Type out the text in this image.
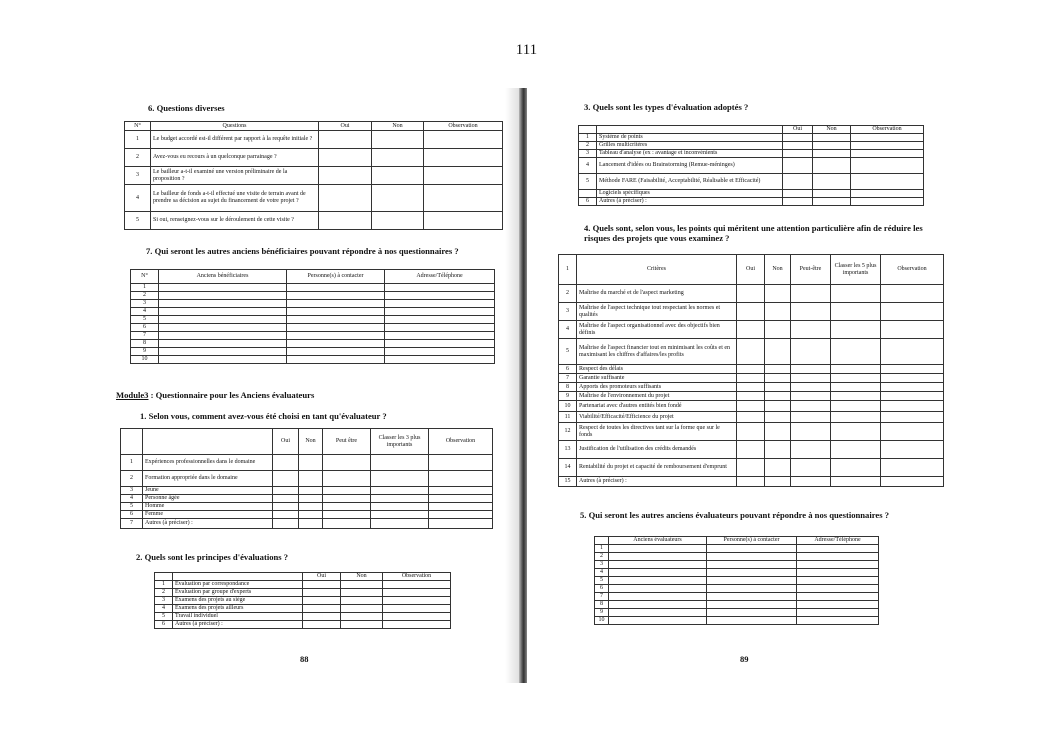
111
6. Questions diverses
N°	Questions	Oui	Non	Observation
1	Le budget accordé est-il différent par rapport à la requête initiale ?			
2	Avez-vous eu recours à un quelconque parrainage ?			
3	Le bailleur a-t-il examiné une version préliminaire de la proposition ?			
4	Le bailleur de fonds a-t-il effectué une visite de terrain avant de prendre sa décision au sujet du financement de votre projet ?			
5	Si oui, renseignez-vous sur le déroulement de cette visite ?			
7. Qui seront les autres anciens bénéficiaires pouvant répondre à nos questionnaires ?
N°	Anciens bénéficiaires	Personne(s) à contacter	Adresse/Téléphone
1			
2			
3			
4			
5			
6			
7			
8			
9			
10			
Module3 : Questionnaire pour les Anciens évaluateurs
1. Selon vous, comment avez-vous été choisi en tant qu'évaluateur ?
		Oui	Non	Peut être	Classer les 3 plus importants	Observation
1	Expériences professionnelles dans le domaine					
2	Formation appropriée dans le domaine					
3	Jeune					
4	Personne âgée					
5	Homme					
6	Femme					
7	Autres (à préciser) :					
2. Quels sont les principes d'évaluations ?
		Oui	Non	Observation
1	Evaluation par correspondance			
2	Evaluation par groupe d'experts			
3	Examens des projets au siège			
4	Examens des projets ailleurs			
5	Travail individuel			
6	Autres (à préciser) :			
88
3. Quels sont les types d'évaluation adoptés ?
		Oui	Non	Observation
1	Système de points			
2	Grilles multicritères			
3	Tableau d'analyse (ex : avantage et inconvénients			
4	Lancement d'idées ou Brainstorming (Remue-méninges)			
5	Méthode FARE (Faisabilité, Acceptabilité, Réalisable et Efficacité)			
	Logiciels spécifiques			
6	Autres (à préciser) :			
4. Quels sont, selon vous, les points qui méritent une attention particulière afin de réduire les risques des projets que vous examinez ?
1	Critères	Oui	Non	Peut-être	Classer les 5 plus importants	Observation
2	Maîtrise du marché et de l'aspect marketing					
3	Maîtrise de l'aspect technique tout respectant les normes et qualités					
4	Maîtrise de l'aspect organisationnel avec des objectifs bien définis					
5	Maîtrise de l'aspect financier tout en minimisant les coûts et en maximisant les chiffres d'affaires/les profits					
6	Respect des délais					
7	Garantie suffisante					
8	Apports des promoteurs suffisants					
9	Maîtrise de l'environnement du projet					
10	Partenariat avec d'autres entités bien fondé					
11	Viabilité/Efficacité/Efficience du projet					
12	Respect de toutes les directives tant sur la forme que sur le fonds					
13	Justification de l'utilisation des crédits demandés					
14	Rentabilité du projet et capacité de remboursement d'emprunt					
15	Autres (à préciser) :					
5. Qui seront les autres anciens évaluateurs pouvant répondre à nos questionnaires ?
	Anciens évaluateurs	Personne(s) à contacter	Adresse/Téléphone
1			
2			
3			
4			
5			
6			
7			
8			
9			
10			
89
